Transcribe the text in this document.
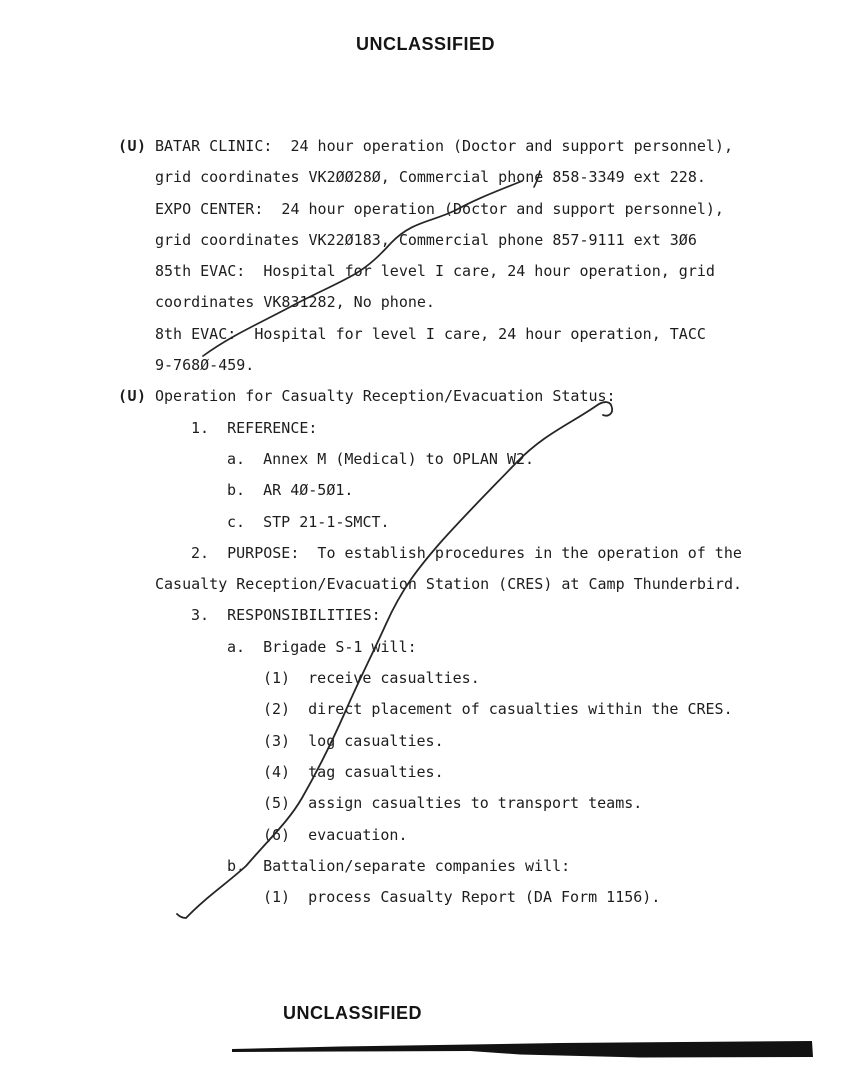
UNCLASSIFIED
(U) BATAR CLINIC:  24 hour operation (Doctor and support personnel),
grid coordinates VK2ØØ28Ø, Commercial phone 858-3349 ext 228.
EXPO CENTER:  24 hour operation (Doctor and support personnel),
grid coordinates VK22Ø183, Commercial phone 857-9111 ext 3Ø6
85th EVAC:  Hospital for level I care, 24 hour operation, grid
coordinates VK831282, No phone.
8th EVAC:  Hospital for level I care, 24 hour operation, TACC
9-768Ø-459.
(U) Operation for Casualty Reception/Evacuation Status:
1.  REFERENCE:
a.  Annex M (Medical) to OPLAN W2.
b.  AR 4Ø-5Ø1.
c.  STP 21-1-SMCT.
2.  PURPOSE:  To establish procedures in the operation of the
Casualty Reception/Evacuation Station (CRES) at Camp Thunderbird.
3.  RESPONSIBILITIES:
a.  Brigade S-1 will:
(1)  receive casualties.
(2)  direct placement of casualties within the CRES.
(3)  log casualties.
(4)  tag casualties.
(5)  assign casualties to transport teams.
(6)  evacuation.
b.  Battalion/separate companies will:
(1)  process Casualty Report (DA Form 1156).
UNCLASSIFIED
